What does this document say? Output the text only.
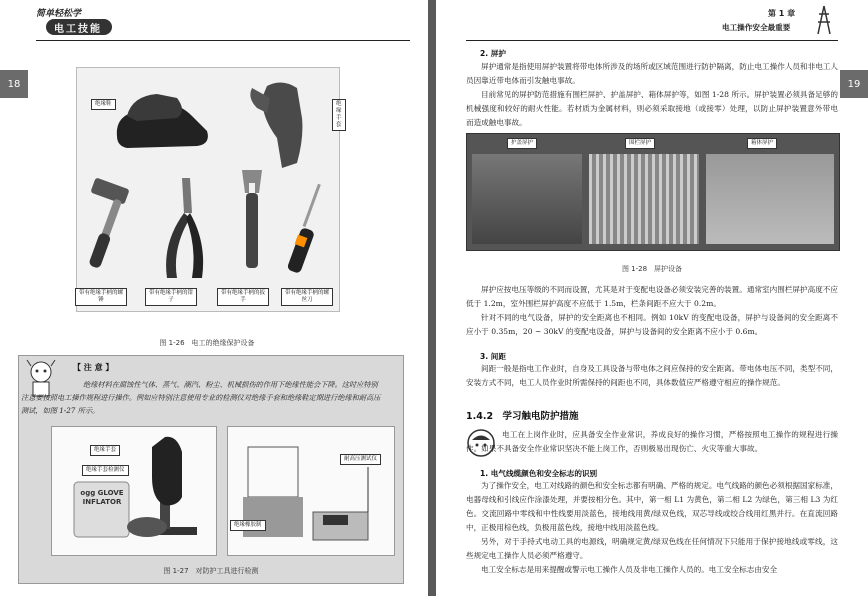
简单轻松学
电工技能
绝缘鞋	绝缘手套
带有绝缘手柄的螺锤
带有绝缘手柄的钳子
带有绝缘手柄的扳手
带有绝缘手柄的螺丝刀
图 1-26　电工的绝缘保护设备
【 注 意 】
绝缘材料在腐蚀性气体、蒸气、潮汽、粉尘、机械损伤的作用下绝缘性能会下降。这时应特别注意要按照电工操作规程进行操作。例如应特别注意使用专业的检测仪对绝缘手套和绝缘鞋定期进行绝缘和耐高压测试，如图 1-27 所示。
绝缘手套
绝缘手套检测仪
ogg GLOVE INFLATOR
耐高压测试仪
绝缘橡胶制
图 1-27　对防护工具进行检测
18
第 1 章
电工操作安全最重要
2. 屏护

屏护通常是指使用屏护装置将带电体所涉及的场所或区域范围进行防护隔离，防止电工操作人员和非电工人员因靠近带电体而引发触电事故。

目前常见的屏护防范措施有围栏屏护、护盖屏护、箱体屏护等，如图 1-28 所示。屏护装置必须具备足够的机械强度和较好的耐火性能。若材质为金属材料，则必须采取接地（或接零）处理，以防止屏护装置意外带电而造成触电事故。

护盖屏护	围栏屏护	箱体屏护
图 1-28　屏护设备

屏护应按电压等级的不同而设置，尤其是对于变配电设备必须安装完善的装置。通常室内围栏屏护高度不应低于 1.2m，室外围栏屏护高度不应低于 1.5m，栏条间距不应大于 0.2m。

针对不同的电气设备，屏护的安全距离也不相同。例如 10kV 的变配电设备，屏护与设备间的安全距离不应小于 0.35m，20 ~ 30kV 的变配电设备，屏护与设备间的安全距离不应小于 0.6m。

3. 间距

间距一般是指电工作业时，自身及工具设备与带电体之间应保持的安全距离。带电体电压不同，类型不同，安装方式不同，电工人员作业时所需保持的间距也不同，具体数值应严格遵守相应的操作规范。

1.4.2　学习触电防护措施

电工在上岗作业时，应具备安全作业常识，养成良好的操作习惯，严格按照电工操作的规程进行操作。如果不具备安全作业常识坚决不能上岗工作，否则极易出现伤亡、火灾等重大事故。

1. 电气线缆颜色和安全标志的识别

为了操作安全，电工对线路的颜色和安全标志都有明确、严格的规定。电气线路的颜色必须根据国家标准，电器母线和引线应作涂漆处理，并要按相分色。其中，第一相 L1 为黄色，第二相 L2 为绿色，第三相 L3 为红色。交流回路中零线和中性线要用淡蓝色，接地线用黄/绿双色线，双芯导线或绞合线用红黑并行。在直流回路中，正极用棕色线，负极用蓝色线，接地中线用淡蓝色线。

另外，对于手持式电动工具的电源线，明确规定黄/绿双色线在任何情况下只能用于保护接地线或零线，这些规定电工操作人员必须严格遵守。

电工安全标志是用来提醒或警示电工操作人员及非电工操作人员的。电工安全标志由安全

19
